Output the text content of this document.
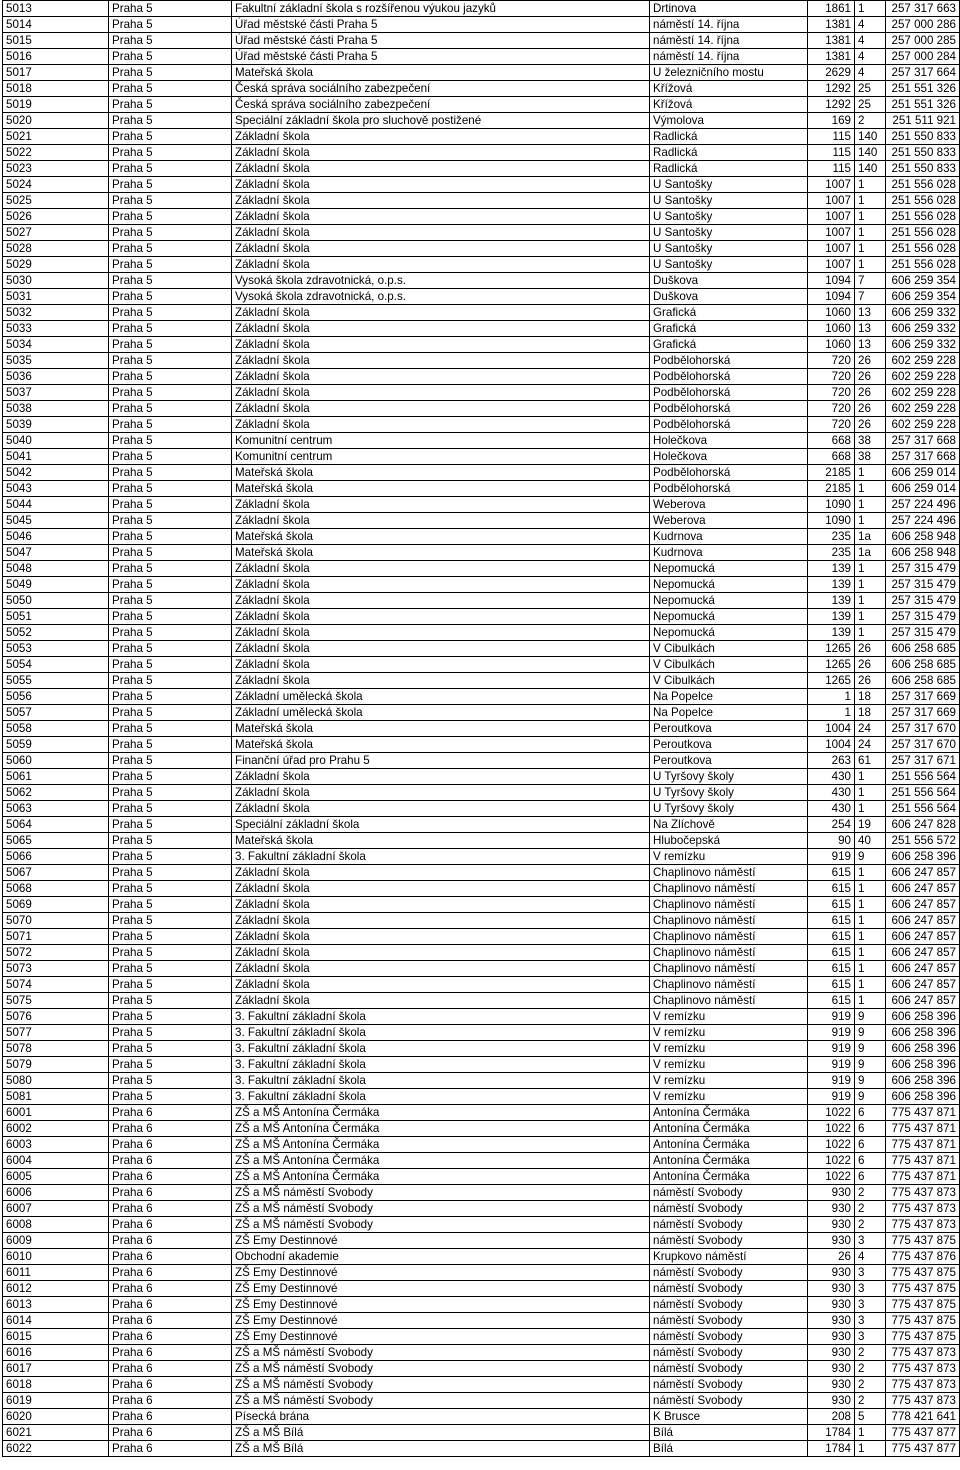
5013	Praha 5	Fakultní základní škola s rozšířenou výukou jazyků	Drtinova	1861	1	257 317 663
5014	Praha 5	Úřad městské části Praha 5	náměstí 14. října	1381	4	257 000 286
5015	Praha 5	Úřad městské části Praha 5	náměstí 14. října	1381	4	257 000 285
5016	Praha 5	Úřad městské části Praha 5	náměstí 14. října	1381	4	257 000 284
5017	Praha 5	Mateřská škola	U železničního mostu	2629	4	257 317 664
5018	Praha 5	Česká správa sociálního zabezpečení	Křížová	1292	25	251 551 326
5019	Praha 5	Česká správa sociálního zabezpečení	Křížová	1292	25	251 551 326
5020	Praha 5	Speciální základní škola pro sluchově postižené	Výmolova	169	2	251 511 921
5021	Praha 5	Základní škola	Radlická	115	140	251 550 833
5022	Praha 5	Základní škola	Radlická	115	140	251 550 833
5023	Praha 5	Základní škola	Radlická	115	140	251 550 833
5024	Praha 5	Základní škola	U Santošky	1007	1	251 556 028
5025	Praha 5	Základní škola	U Santošky	1007	1	251 556 028
5026	Praha 5	Základní škola	U Santošky	1007	1	251 556 028
5027	Praha 5	Základní škola	U Santošky	1007	1	251 556 028
5028	Praha 5	Základní škola	U Santošky	1007	1	251 556 028
5029	Praha 5	Základní škola	U Santošky	1007	1	251 556 028
5030	Praha 5	Vysoká škola zdravotnická, o.p.s.	Duškova	1094	7	606 259 354
5031	Praha 5	Vysoká škola zdravotnická, o.p.s.	Duškova	1094	7	606 259 354
5032	Praha 5	Základní škola	Grafická	1060	13	606 259 332
5033	Praha 5	Základní škola	Grafická	1060	13	606 259 332
5034	Praha 5	Základní škola	Grafická	1060	13	606 259 332
5035	Praha 5	Základní škola	Podbělohorská	720	26	602 259 228
5036	Praha 5	Základní škola	Podbělohorská	720	26	602 259 228
5037	Praha 5	Základní škola	Podbělohorská	720	26	602 259 228
5038	Praha 5	Základní škola	Podbělohorská	720	26	602 259 228
5039	Praha 5	Základní škola	Podbělohorská	720	26	602 259 228
5040	Praha 5	Komunitní centrum	Holečkova	668	38	257 317 668
5041	Praha 5	Komunitní centrum	Holečkova	668	38	257 317 668
5042	Praha 5	Mateřská škola	Podbělohorská	2185	1	606 259 014
5043	Praha 5	Mateřská škola	Podbělohorská	2185	1	606 259 014
5044	Praha 5	Základní škola	Weberova	1090	1	257 224 496
5045	Praha 5	Základní škola	Weberova	1090	1	257 224 496
5046	Praha 5	Mateřská škola	Kudrnova	235	1a	606 258 948
5047	Praha 5	Mateřská škola	Kudrnova	235	1a	606 258 948
5048	Praha 5	Základní škola	Nepomucká	139	1	257 315 479
5049	Praha 5	Základní škola	Nepomucká	139	1	257 315 479
5050	Praha 5	Základní škola	Nepomucká	139	1	257 315 479
5051	Praha 5	Základní škola	Nepomucká	139	1	257 315 479
5052	Praha 5	Základní škola	Nepomucká	139	1	257 315 479
5053	Praha 5	Základní škola	V Cibulkách	1265	26	606 258 685
5054	Praha 5	Základní škola	V Cibulkách	1265	26	606 258 685
5055	Praha 5	Základní škola	V Cibulkách	1265	26	606 258 685
5056	Praha 5	Základní umělecká škola	Na Popelce	1	18	257 317 669
5057	Praha 5	Základní umělecká škola	Na Popelce	1	18	257 317 669
5058	Praha 5	Mateřská škola	Peroutkova	1004	24	257 317 670
5059	Praha 5	Mateřská škola	Peroutkova	1004	24	257 317 670
5060	Praha 5	Finanční úřad pro Prahu 5	Peroutkova	263	61	257 317 671
5061	Praha 5	Základní škola	U Tyršovy školy	430	1	251 556 564
5062	Praha 5	Základní škola	U Tyršovy školy	430	1	251 556 564
5063	Praha 5	Základní škola	U Tyršovy školy	430	1	251 556 564
5064	Praha 5	Speciální základní škola	Na Zlíchově	254	19	606 247 828
5065	Praha 5	Mateřská škola	Hlubočepská	90	40	251 556 572
5066	Praha 5	3. Fakultní základní škola	V remízku	919	9	606 258 396
5067	Praha 5	Základní škola	Chaplinovo náměstí	615	1	606 247 857
5068	Praha 5	Základní škola	Chaplinovo náměstí	615	1	606 247 857
5069	Praha 5	Základní škola	Chaplinovo náměstí	615	1	606 247 857
5070	Praha 5	Základní škola	Chaplinovo náměstí	615	1	606 247 857
5071	Praha 5	Základní škola	Chaplinovo náměstí	615	1	606 247 857
5072	Praha 5	Základní škola	Chaplinovo náměstí	615	1	606 247 857
5073	Praha 5	Základní škola	Chaplinovo náměstí	615	1	606 247 857
5074	Praha 5	Základní škola	Chaplinovo náměstí	615	1	606 247 857
5075	Praha 5	Základní škola	Chaplinovo náměstí	615	1	606 247 857
5076	Praha 5	3. Fakultní základní škola	V remízku	919	9	606 258 396
5077	Praha 5	3. Fakultní základní škola	V remízku	919	9	606 258 396
5078	Praha 5	3. Fakultní základní škola	V remízku	919	9	606 258 396
5079	Praha 5	3. Fakultní základní škola	V remízku	919	9	606 258 396
5080	Praha 5	3. Fakultní základní škola	V remízku	919	9	606 258 396
5081	Praha 5	3. Fakultní základní škola	V remízku	919	9	606 258 396
6001	Praha 6	ZŠ a MŠ Antonína Čermáka	Antonína Čermáka	1022	6	775 437 871
6002	Praha 6	ZŠ a MŠ Antonína Čermáka	Antonína Čermáka	1022	6	775 437 871
6003	Praha 6	ZŠ a MŠ Antonína Čermáka	Antonína Čermáka	1022	6	775 437 871
6004	Praha 6	ZŠ a MŠ Antonína Čermáka	Antonína Čermáka	1022	6	775 437 871
6005	Praha 6	ZŠ a MŠ Antonína Čermáka	Antonína Čermáka	1022	6	775 437 871
6006	Praha 6	ZŠ a MŠ náměstí Svobody	náměstí Svobody	930	2	775 437 873
6007	Praha 6	ZŠ a MŠ náměstí Svobody	náměstí Svobody	930	2	775 437 873
6008	Praha 6	ZŠ a MŠ náměstí Svobody	náměstí Svobody	930	2	775 437 873
6009	Praha 6	ZŠ Emy Destinnové	náměstí Svobody	930	3	775 437 875
6010	Praha 6	Obchodní akademie	Krupkovo náměstí	26	4	775 437 876
6011	Praha 6	ZŠ Emy Destinnové	náměstí Svobody	930	3	775 437 875
6012	Praha 6	ZŠ Emy Destinnové	náměstí Svobody	930	3	775 437 875
6013	Praha 6	ZŠ Emy Destinnové	náměstí Svobody	930	3	775 437 875
6014	Praha 6	ZŠ Emy Destinnové	náměstí Svobody	930	3	775 437 875
6015	Praha 6	ZŠ Emy Destinnové	náměstí Svobody	930	3	775 437 875
6016	Praha 6	ZŠ a MŠ náměstí Svobody	náměstí Svobody	930	2	775 437 873
6017	Praha 6	ZŠ a MŠ náměstí Svobody	náměstí Svobody	930	2	775 437 873
6018	Praha 6	ZŠ a MŠ náměstí Svobody	náměstí Svobody	930	2	775 437 873
6019	Praha 6	ZŠ a MŠ náměstí Svobody	náměstí Svobody	930	2	775 437 873
6020	Praha 6	Písecká brána	K Brusce	208	5	778 421 641
6021	Praha 6	ZŠ a MŠ Bílá	Bílá	1784	1	775 437 877
6022	Praha 6	ZŠ a MŠ Bílá	Bílá	1784	1	775 437 877
